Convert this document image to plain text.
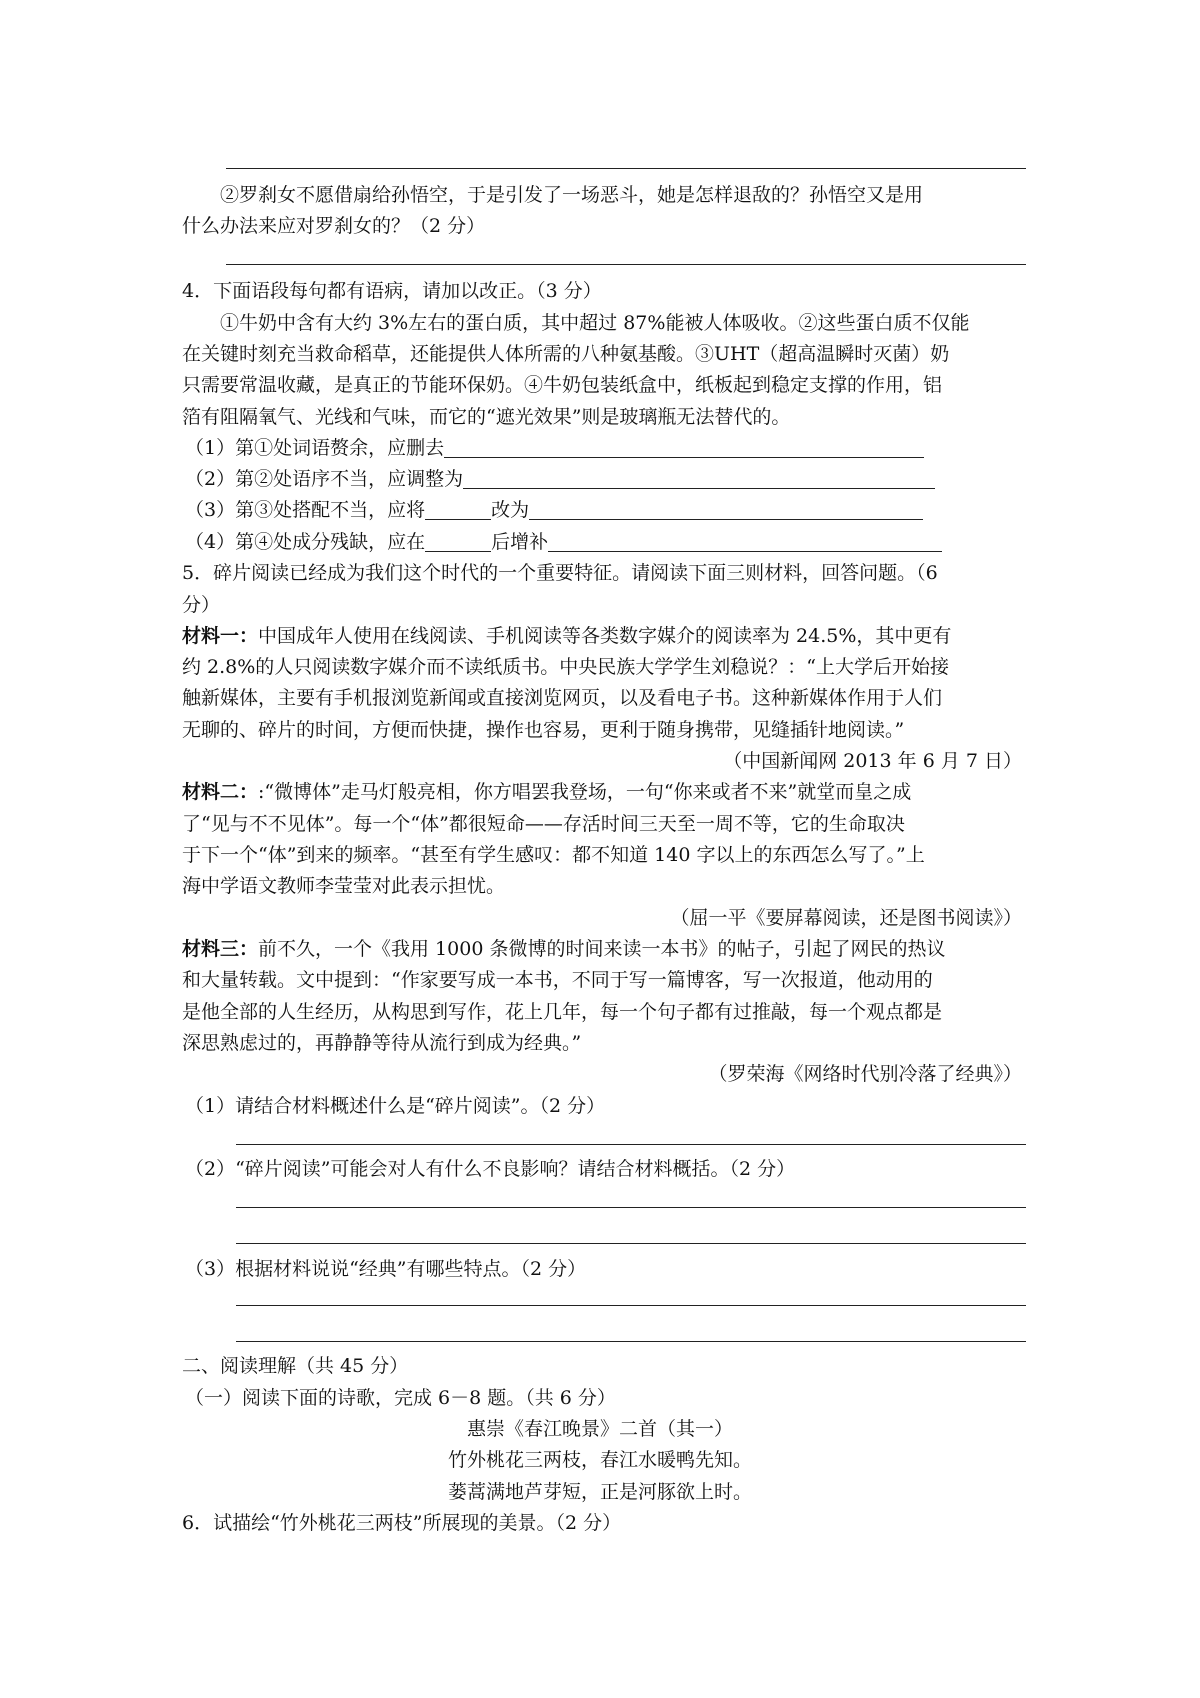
②罗刹女不愿借扇给孙悟空，于是引发了一场恶斗，她是怎样退敌的？孙悟空又是用
什么办法来应对罗刹女的？（2 分）
4．下面语段每句都有语病，请加以改正。（3 分）
①牛奶中含有大约 3%左右的蛋白质，其中超过 87%能被人体吸收。②这些蛋白质不仅能
在关键时刻充当救命稻草，还能提供人体所需的八种氨基酸。③UHT（超高温瞬时灭菌）奶
只需要常温收藏，是真正的节能环保奶。④牛奶包装纸盒中，纸板起到稳定支撑的作用，铝
箔有阻隔氧气、光线和气味，而它的“遮光效果”则是玻璃瓶无法替代的。
（1）第①处词语赘余，应删去
（2）第②处语序不当，应调整为
（3）第③处搭配不当，应将	改为
（4）第④处成分残缺，应在	后增补
5．碎片阅读已经成为我们这个时代的一个重要特征。请阅读下面三则材料，回答问题。（6
分）
材料一：中国成年人使用在线阅读、手机阅读等各类数字媒介的阅读率为 24.5%，其中更有
约 2.8%的人只阅读数字媒介而不读纸质书。中央民族大学学生刘稳说？：“上大学后开始接
触新媒体，主要有手机报浏览新闻或直接浏览网页，以及看电子书。这种新媒体作用于人们
无聊的、碎片的时间，方便而快捷，操作也容易，更利于随身携带，见缝插针地阅读。”
（中国新闻网 2013 年 6 月 7 日）
材料二：:“微博体”走马灯般亮相，你方唱罢我登场，一句“你来或者不来”就堂而皇之成
了“见与不不见体”。每一个“体”都很短命——存活时间三天至一周不等，它的生命取决
于下一个“体”到来的频率。“甚至有学生感叹：都不知道 140 字以上的东西怎么写了。”上
海中学语文教师李莹莹对此表示担忧。
（屈一平《要屏幕阅读，还是图书阅读》）
材料三：前不久，一个《我用 1000 条微博的时间来读一本书》的帖子，引起了网民的热议
和大量转载。文中提到：“作家要写成一本书，不同于写一篇博客，写一次报道，他动用的
是他全部的人生经历，从构思到写作，花上几年，每一个句子都有过推敲，每一个观点都是
深思熟虑过的，再静静等待从流行到成为经典。”
（罗荣海《网络时代别冷落了经典》）
（1）请结合材料概述什么是“碎片阅读”。（2 分）
（2）“碎片阅读”可能会对人有什么不良影响？请结合材料概括。（2 分）
（3）根据材料说说“经典”有哪些特点。（2 分）
二、阅读理解（共 45 分）
（一）阅读下面的诗歌，完成 6－8 题。（共 6 分）
惠崇《春江晚景》二首（其一）
竹外桃花三两枝，春江水暖鸭先知。
蒌蒿满地芦芽短，正是河豚欲上时。
6．试描绘“竹外桃花三两枝”所展现的美景。（2 分）
